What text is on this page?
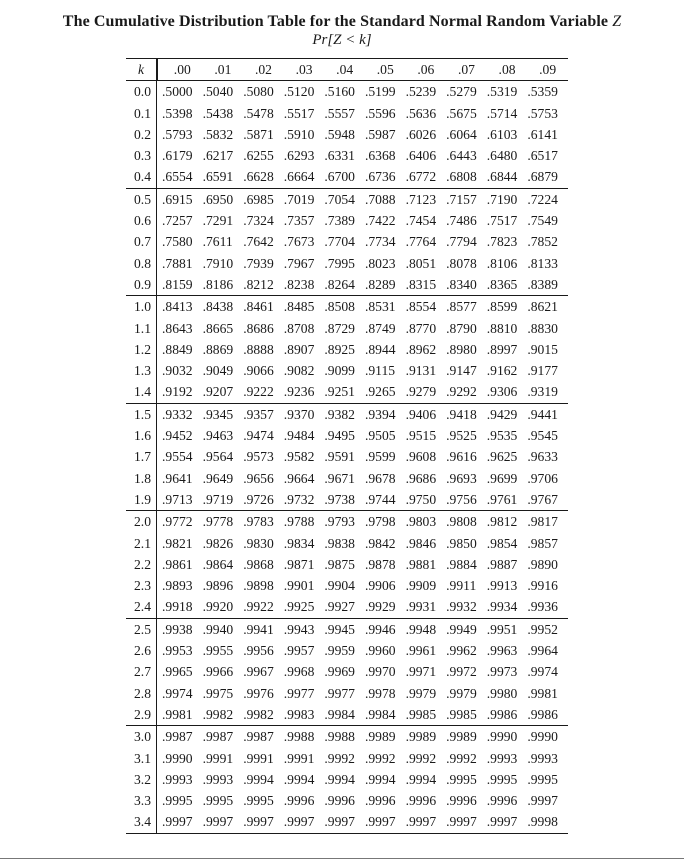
The Cumulative Distribution Table for the Standard Normal Random Variable Z
Pr[Z < k]
k	.00	.01	.02	.03	.04	.05	.06	.07	.08	.09
0.0	.5000	.5040	.5080	.5120	.5160	.5199	.5239	.5279	.5319	.5359
0.1	.5398	.5438	.5478	.5517	.5557	.5596	.5636	.5675	.5714	.5753
0.2	.5793	.5832	.5871	.5910	.5948	.5987	.6026	.6064	.6103	.6141
0.3	.6179	.6217	.6255	.6293	.6331	.6368	.6406	.6443	.6480	.6517
0.4	.6554	.6591	.6628	.6664	.6700	.6736	.6772	.6808	.6844	.6879
0.5	.6915	.6950	.6985	.7019	.7054	.7088	.7123	.7157	.7190	.7224
0.6	.7257	.7291	.7324	.7357	.7389	.7422	.7454	.7486	.7517	.7549
0.7	.7580	.7611	.7642	.7673	.7704	.7734	.7764	.7794	.7823	.7852
0.8	.7881	.7910	.7939	.7967	.7995	.8023	.8051	.8078	.8106	.8133
0.9	.8159	.8186	.8212	.8238	.8264	.8289	.8315	.8340	.8365	.8389
1.0	.8413	.8438	.8461	.8485	.8508	.8531	.8554	.8577	.8599	.8621
1.1	.8643	.8665	.8686	.8708	.8729	.8749	.8770	.8790	.8810	.8830
1.2	.8849	.8869	.8888	.8907	.8925	.8944	.8962	.8980	.8997	.9015
1.3	.9032	.9049	.9066	.9082	.9099	.9115	.9131	.9147	.9162	.9177
1.4	.9192	.9207	.9222	.9236	.9251	.9265	.9279	.9292	.9306	.9319
1.5	.9332	.9345	.9357	.9370	.9382	.9394	.9406	.9418	.9429	.9441
1.6	.9452	.9463	.9474	.9484	.9495	.9505	.9515	.9525	.9535	.9545
1.7	.9554	.9564	.9573	.9582	.9591	.9599	.9608	.9616	.9625	.9633
1.8	.9641	.9649	.9656	.9664	.9671	.9678	.9686	.9693	.9699	.9706
1.9	.9713	.9719	.9726	.9732	.9738	.9744	.9750	.9756	.9761	.9767
2.0	.9772	.9778	.9783	.9788	.9793	.9798	.9803	.9808	.9812	.9817
2.1	.9821	.9826	.9830	.9834	.9838	.9842	.9846	.9850	.9854	.9857
2.2	.9861	.9864	.9868	.9871	.9875	.9878	.9881	.9884	.9887	.9890
2.3	.9893	.9896	.9898	.9901	.9904	.9906	.9909	.9911	.9913	.9916
2.4	.9918	.9920	.9922	.9925	.9927	.9929	.9931	.9932	.9934	.9936
2.5	.9938	.9940	.9941	.9943	.9945	.9946	.9948	.9949	.9951	.9952
2.6	.9953	.9955	.9956	.9957	.9959	.9960	.9961	.9962	.9963	.9964
2.7	.9965	.9966	.9967	.9968	.9969	.9970	.9971	.9972	.9973	.9974
2.8	.9974	.9975	.9976	.9977	.9977	.9978	.9979	.9979	.9980	.9981
2.9	.9981	.9982	.9982	.9983	.9984	.9984	.9985	.9985	.9986	.9986
3.0	.9987	.9987	.9987	.9988	.9988	.9989	.9989	.9989	.9990	.9990
3.1	.9990	.9991	.9991	.9991	.9992	.9992	.9992	.9992	.9993	.9993
3.2	.9993	.9993	.9994	.9994	.9994	.9994	.9994	.9995	.9995	.9995
3.3	.9995	.9995	.9995	.9996	.9996	.9996	.9996	.9996	.9996	.9997
3.4	.9997	.9997	.9997	.9997	.9997	.9997	.9997	.9997	.9997	.9998
